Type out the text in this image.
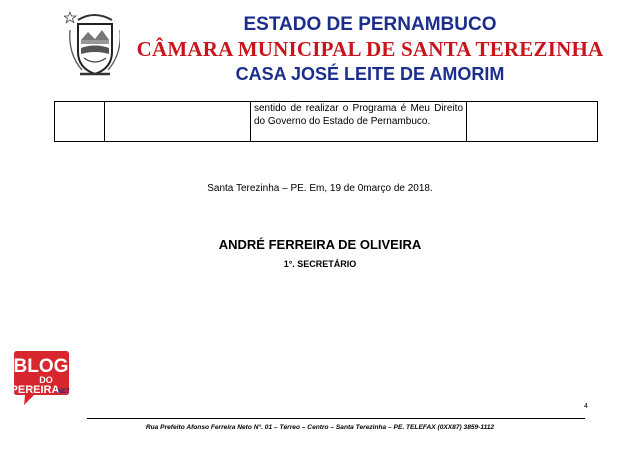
ESTADO DE PERNAMBUCO
CÂMARA MUNICIPAL DE SANTA TEREZINHA
CASA JOSÉ LEITE DE AMORIM

sentido de realizar o Programa é Meu Direito do Governo do Estado de Pernambuco.

Santa Terezinha – PE. Em, 19 de 0março de 2018.
ANDRÉ FERREIRA DE OLIVEIRA
1°. SECRETÁRIO
4
BLOG
DO
PEREIRA
.NET
Rua Prefeito Afonso Ferreira Neto N°. 01 – Térreo – Centro – Santa Terezinha – PE. TELEFAX (0XX87) 3859-1112
